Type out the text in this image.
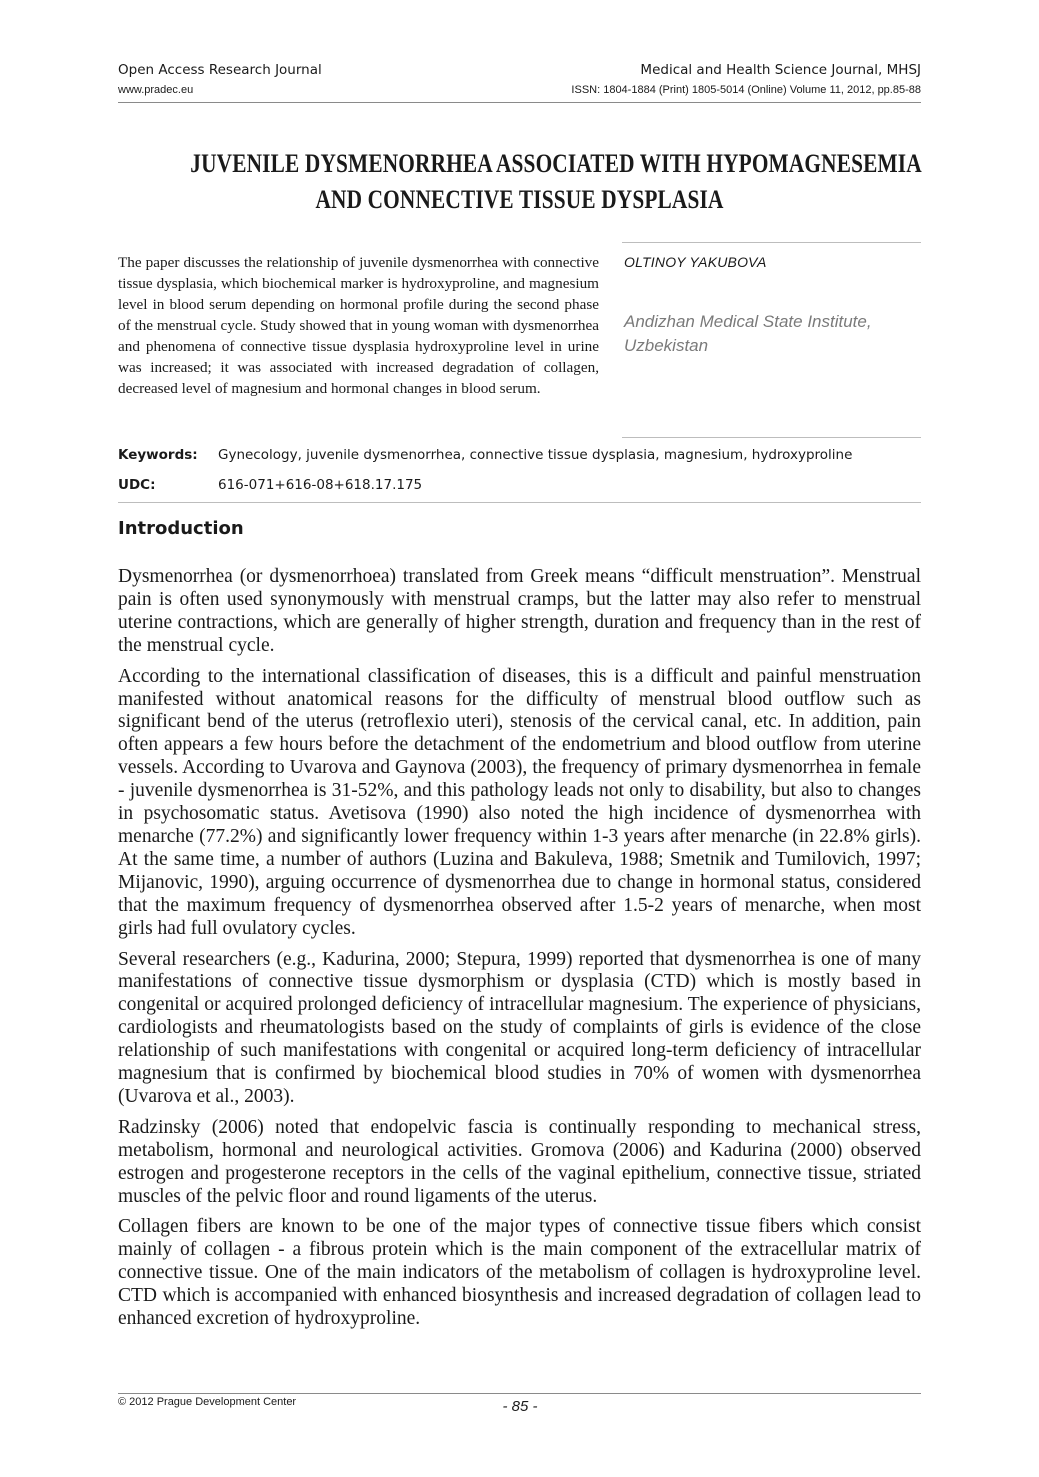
Open Access Research Journal	Medical and Health Science Journal, MHSJ
www.pradec.eu	ISSN: 1804-1884 (Print) 1805-5014 (Online) Volume 11, 2012, pp.85-88
JUVENILE DYSMENORRHEA ASSOCIATED WITH HYPOMAGNESEMIA
AND CONNECTIVE TISSUE DYSPLASIA
The paper discusses the relationship of juvenile dysmenorrhea with connective tissue dysplasia, which biochemical marker is hydroxyproline, and magnesium level in blood serum depending on hormonal profile during the second phase of the menstrual cycle. Study showed that in young woman with dysmenorrhea and phenomena of connective tissue dysplasia hydroxyproline level in urine was increased; it was associated with increased degradation of collagen, decreased level of magnesium and hormonal changes in blood serum.
OLTINOY YAKUBOVA
Andizhan Medical State Institute, Uzbekistan
Keywords: Gynecology, juvenile dysmenorrhea, connective tissue dysplasia, magnesium, hydroxyproline
UDC:	616-071+616-08+618.17.175
Introduction

Dysmenorrhea (or dysmenorrhoea) translated from Greek means “difficult menstruation”. Menstrual pain is often used synonymously with menstrual cramps, but the latter may also refer to menstrual uterine contractions, which are generally of higher strength, duration and frequency than in the rest of the menstrual cycle.

According to the international classification of diseases, this is a difficult and painful menstruation manifested without anatomical reasons for the difficulty of menstrual blood outflow such as significant bend of the uterus (retroflexio uteri), stenosis of the cervical canal, etc. In addition, pain often appears a few hours before the detachment of the endometrium and blood outflow from uterine vessels. According to Uvarova and Gaynova (2003), the frequency of primary dysmenorrhea in female - juvenile dysmenorrhea is 31-52%, and this pathology leads not only to disability, but also to changes in psychosomatic status. Avetisova (1990) also noted the high incidence of dysmenorrhea with menarche (77.2%) and significantly lower frequency within 1-3 years after menarche (in 22.8% girls). At the same time, a number of authors (Luzina and Bakuleva, 1988; Smetnik and Tumilovich, 1997; Mijanovic, 1990), arguing occurrence of dysmenorrhea due to change in hormonal status, considered that the maximum frequency of dysmenorrhea observed after 1.5-2 years of menarche, when most girls had full ovulatory cycles.

Several researchers (e.g., Kadurina, 2000; Stepura, 1999) reported that dysmenorrhea is one of many manifestations of connective tissue dysmorphism or dysplasia (CTD) which is mostly based in congenital or acquired prolonged deficiency of intracellular magnesium. The experience of physicians, cardiologists and rheumatologists based on the study of complaints of girls is evidence of the close relationship of such manifestations with congenital or acquired long-term deficiency of intracellular magnesium that is confirmed by biochemical blood studies in 70% of women with dysmenorrhea (Uvarova et al., 2003).

Radzinsky (2006) noted that endopelvic fascia is continually responding to mechanical stress, metabolism, hormonal and neurological activities. Gromova (2006) and Kadurina (2000) observed estrogen and progesterone receptors in the cells of the vaginal epithelium, connective tissue, striated muscles of the pelvic floor and round ligaments of the uterus.

Collagen fibers are known to be one of the major types of connective tissue fibers which consist mainly of collagen - a fibrous protein which is the main component of the extracellular matrix of connective tissue. One of the main indicators of the metabolism of collagen is hydroxyproline level. CTD which is accompanied with enhanced biosynthesis and increased degradation of collagen lead to enhanced excretion of hydroxyproline.

© 2012 Prague Development Center	- 85 -
